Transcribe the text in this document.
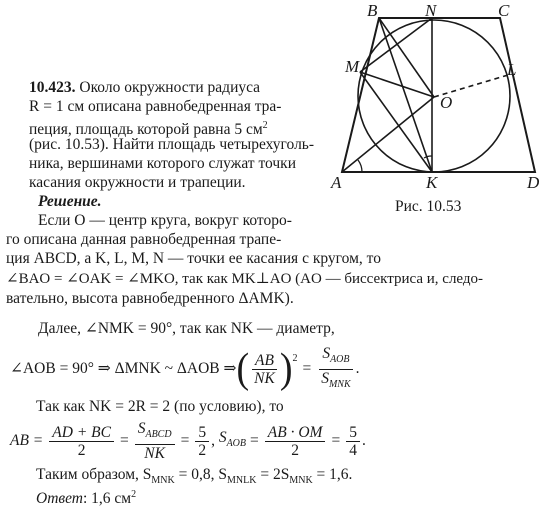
B	N	C
M	L
O
A	K	D
Рис. 10.53
10.423. Около окружности радиуса
R = 1 см описана равнобедренная тра-
пеция, площадь которой равна 5 $см^2$
(рис. 10.53). Найти площадь четырехуголь-
ника, вершинами которого служат точки
касания окружности и трапеции.
Решение.
Если O — центр круга, вокруг которо-
го описана данная равнобедренная трапе-
ция ABCD, а K, L, M, N — точки ее касания с кругом, то
∠BAO = ∠OAK = ∠MKO, так как MK⊥AO (AO — биссектриса и, следо-
вательно, высота равнобедренного ΔAMK).
Далее, ∠NMK = 90°, так как NK — диаметр,
∠AOB = 90° ⇒ ΔMNK ~ ΔAOB ⇒ ( $\frac{AB}{NK} )^2$
= $\frac{S_{AOB}}{S_{MNK}}$ .
Так как NK = 2R = 2 (по условию), то
AB = $\frac{AD + BC}{2} = \frac{S_{ABCD}}{NK} = \frac{5}{2}$ , $S_{AOB} = \frac{AB \cdot OM}{2} = \frac{5}{4}$ .
Таким образом, $S_{MNK} = 0,8$, $S_{MNLK} = 2S_{MNK} = 1,6$.
Ответ: 1,6 $см^2$
